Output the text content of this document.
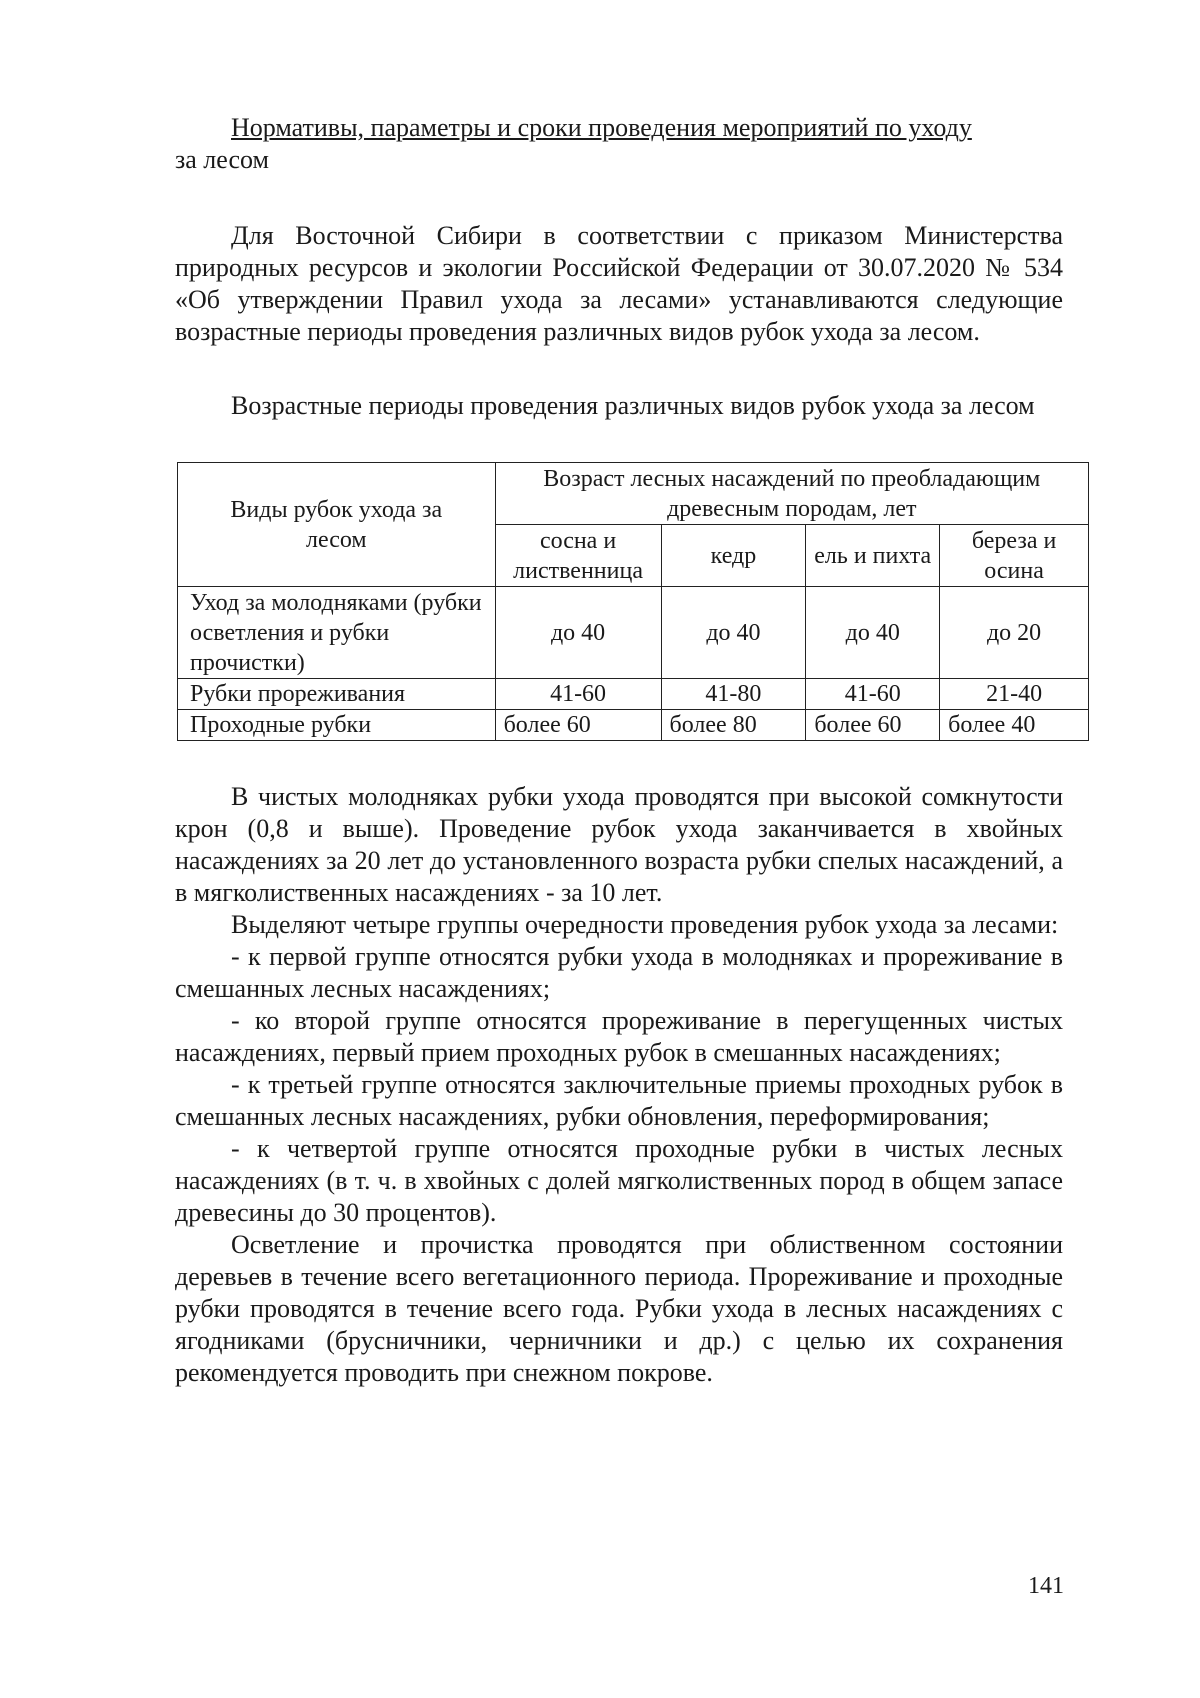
Нормативы, параметры и сроки проведения мероприятий по уходу
за лесом

Для Восточной Сибири в соответствии с приказом Министерства природных ресурсов и экологии Российской Федерации от 30.07.2020 № 534 «Об утверждении Правил ухода за лесами» устанавливаются следующие возрастные периоды проведения различных видов рубок ухода за лесом.

Возрастные периоды проведения различных видов рубок ухода за лесом

Виды рубок ухода за лесом	Возраст лесных насаждений по преобладающим древесным породам, лет			
	сосна и лиственница	кедр	ель и пихта	береза и осина
Уход за молодняками (рубки осветления и рубки прочистки)	до 40	до 40	до 40	до 20
Рубки прореживания	41-60	41-80	41-60	21-40
Проходные рубки	более 60	более 80	более 60	более 40

В чистых молодняках рубки ухода проводятся при высокой сомкнутости крон (0,8 и выше). Проведение рубок ухода заканчивается в хвойных насаждениях за 20 лет до установленного возраста рубки спелых насаждений, а в мягколиственных насаждениях - за 10 лет.

Выделяют четыре группы очередности проведения рубок ухода за лесами:

- к первой группе относятся рубки ухода в молодняках и прореживание в смешанных лесных насаждениях;

- ко второй группе относятся прореживание в перегущенных чистых насаждениях, первый прием проходных рубок в смешанных насаждениях;

- к третьей группе относятся заключительные приемы проходных рубок в смешанных лесных насаждениях, рубки обновления, переформирования;

- к четвертой группе относятся проходные рубки в чистых лесных насаждениях (в т. ч. в хвойных с долей мягколиственных пород в общем запасе древесины до 30 процентов).

Осветление и прочистка проводятся при облиственном состоянии деревьев в течение всего вегетационного периода. Прореживание и проходные рубки проводятся в течение всего года. Рубки ухода в лесных насаждениях с ягодниками (брусничники, черничники и др.) с целью их сохранения рекомендуется проводить при снежном покрове.

141
